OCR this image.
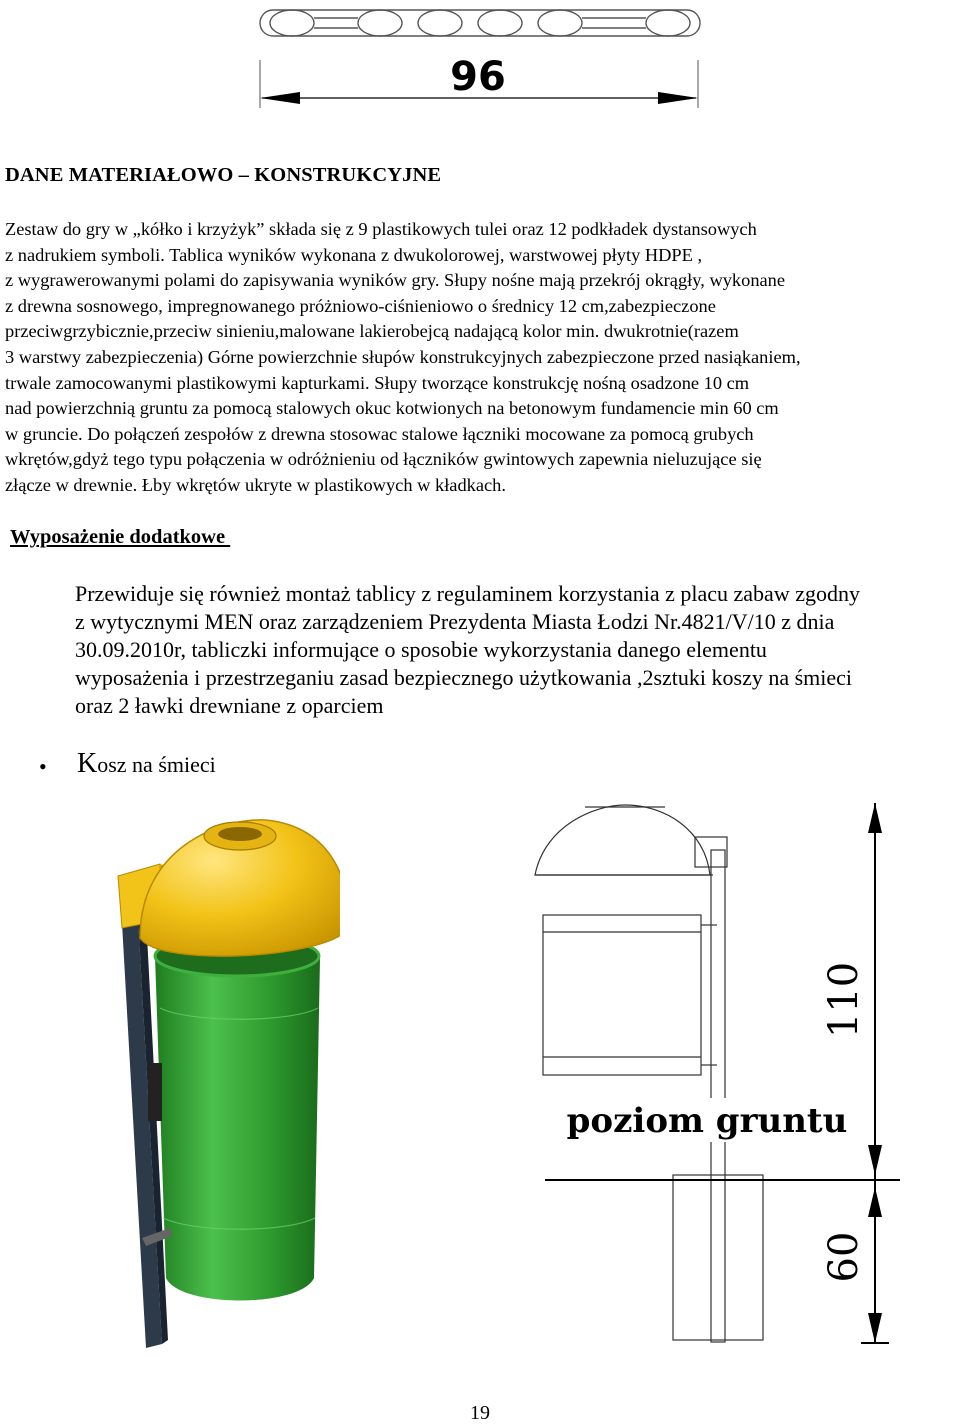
96
DANE MATERIAŁOWO – KONSTRUKCYJNE
Zestaw do gry w „kółko i krzyżyk” składa się z 9 plastikowych tulei oraz 12 podkładek dystansowych
z nadrukiem symboli. Tablica wyników wykonana z dwukolorowej, warstwowej płyty HDPE ,
z wygrawerowanymi polami do zapisywania wyników gry. Słupy nośne mają przekrój okrągły, wykonane
z drewna sosnowego, impregnowanego próżniowo-ciśnieniowo o średnicy 12 cm,zabezpieczone
przeciwgrzybicznie,przeciw sinieniu,malowane lakierobejcą nadającą kolor min. dwukrotnie(razem
3 warstwy zabezpieczenia) Górne powierzchnie słupów konstrukcyjnych zabezpieczone przed nasiąkaniem,
trwale zamocowanymi plastikowymi kapturkami. Słupy tworzące konstrukcję nośną osadzone 10 cm
nad powierzchnią gruntu za pomocą stalowych okuc kotwionych na betonowym fundamencie min 60 cm
w gruncie. Do połączeń zespołów z drewna stosowac stalowe łączniki mocowane za pomocą grubych
wkrętów,gdyż tego typu połączenia w odróżnieniu od łączników gwintowych zapewnia nieluzujące się
złącze w drewnie. Łby wkrętów ukryte w plastikowych w kładkach.
Wyposażenie dodatkowe
Przewiduje się również montaż tablicy z regulaminem korzystania z placu zabaw zgodny
z wytycznymi MEN oraz zarządzeniem Prezydenta Miasta Łodzi Nr.4821/V/10 z dnia
30.09.2010r, tabliczki informujące o sposobie wykorzystania danego elementu
wyposażenia i przestrzeganiu zasad bezpiecznego użytkowania ,2sztuki koszy na śmieci
oraz 2 ławki drewniane z oparciem
• Kosz na śmieci
110
60
poziom gruntu
19
